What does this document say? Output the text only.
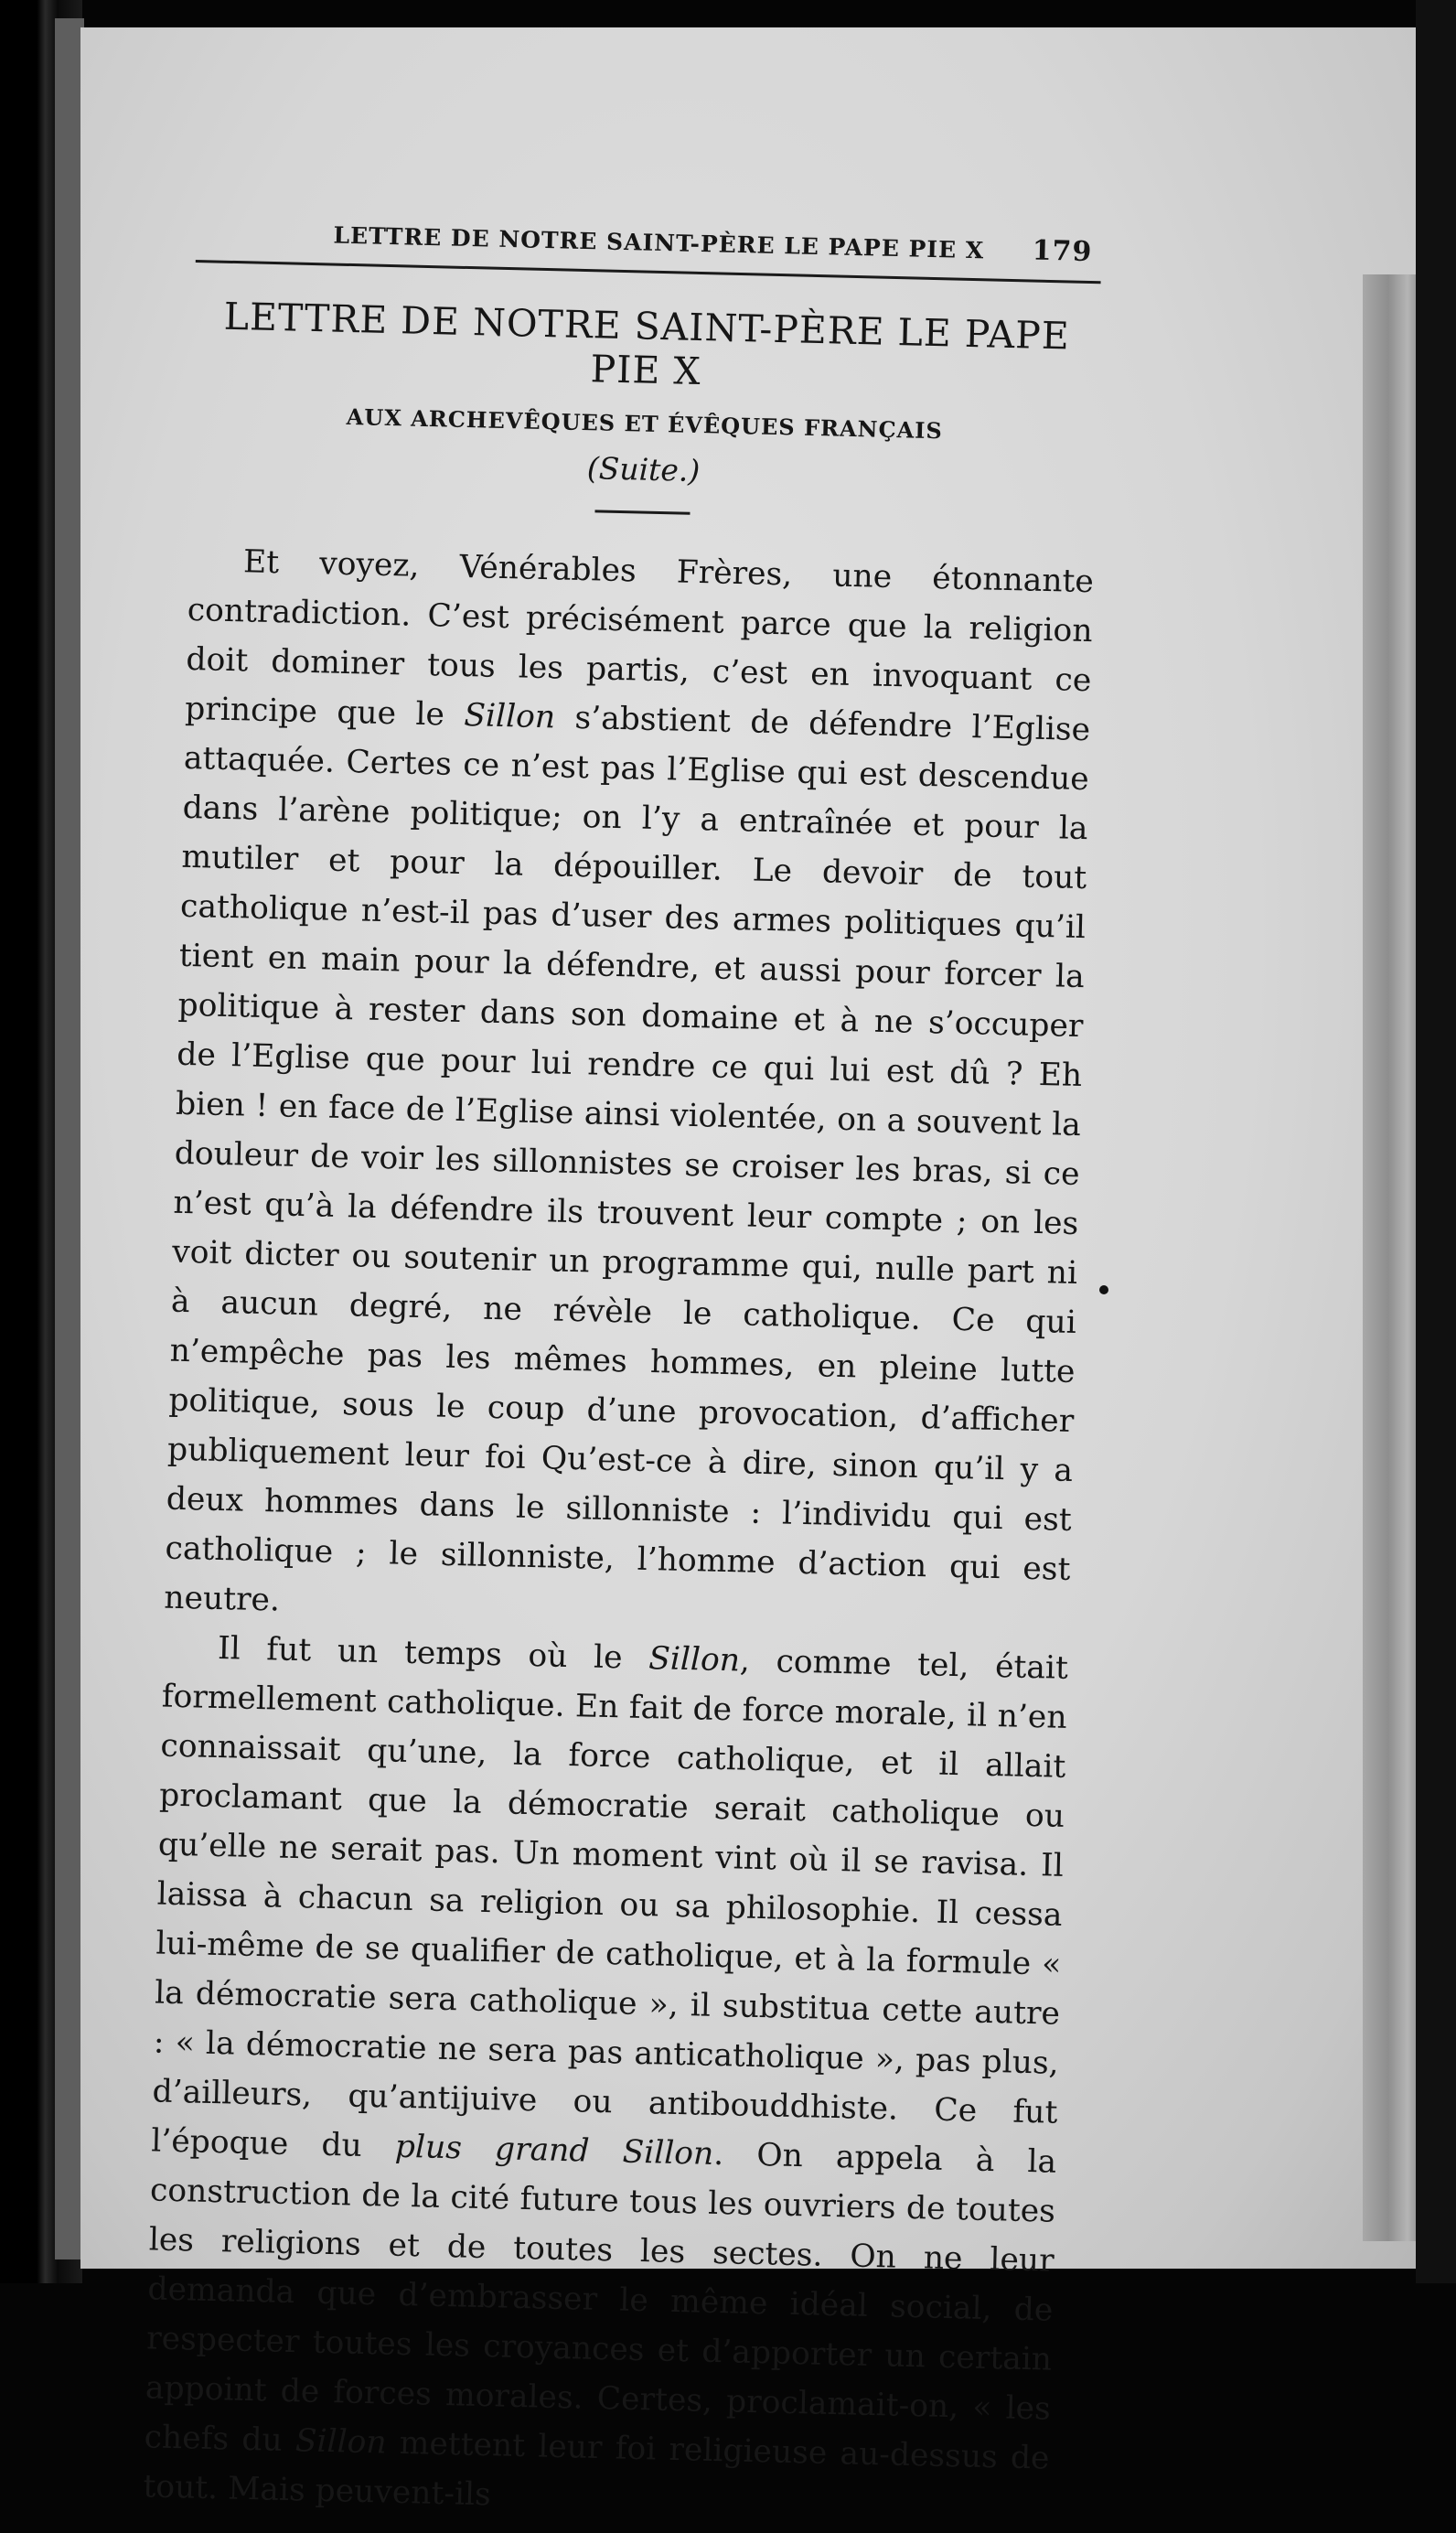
LETTRE DE NOTRE SAINT-PÈRE LE PAPE PIE X 179
LETTRE DE NOTRE SAINT-PÈRE LE PAPE PIE X
AUX ARCHEVÊQUES ET ÉVÊQUES FRANÇAIS
(Suite.)

Et voyez, Vénérables Frères, une étonnante contradiction. C’est précisément parce que la religion doit dominer tous les partis, c’est en invoquant ce principe que le Sillon s’abstient de défendre l’Eglise attaquée. Certes ce n’est pas l’Eglise qui est descendue dans l’arène politique; on l’y a entraînée et pour la mutiler et pour la dépouiller. Le devoir de tout catholique n’est-il pas d’user des armes politiques qu’il tient en main pour la défendre, et aussi pour forcer la politique à rester dans son domaine et à ne s’occuper de l’Eglise que pour lui rendre ce qui lui est dû ? Eh bien ! en face de l’Eglise ainsi violentée, on a souvent la douleur de voir les sillonnistes se croiser les bras, si ce n’est qu’à la défendre ils trouvent leur compte ; on les voit dicter ou soutenir un programme qui, nulle part ni à aucun degré, ne révèle le catholique. Ce qui n’empêche pas les mêmes hommes, en pleine lutte politique, sous le coup d’une provocation, d’afficher publiquement leur foi Qu’est-ce à dire, sinon qu’il y a deux hommes dans le sillonniste : l’individu qui est catholique ; le sillonniste, l’homme d’action qui est neutre.

Il fut un temps où le Sillon, comme tel, était formellement catholique. En fait de force morale, il n’en connaissait qu’une, la force catholique, et il allait proclamant que la démocratie serait catholique ou qu’elle ne serait pas. Un moment vint où il se ravisa. Il laissa à chacun sa religion ou sa philosophie. Il cessa lui-même de se qualifier de catholique, et à la formule « la démocratie sera catholique », il substitua cette autre : « la démocratie ne sera pas anticatholique », pas plus, d’ailleurs, qu’antijuive ou antibouddhiste. Ce fut l’époque du plus grand Sillon. On appela à la construction de la cité future tous les ouvriers de toutes les religions et de toutes les sectes. On ne leur demanda que d’embrasser le même idéal social, de respecter toutes les croyances et d’apporter un certain appoint de forces morales. Certes, proclamait-on, « les chefs du Sillon mettent leur foi religieuse au-dessus de tout. Mais peuvent-ils
